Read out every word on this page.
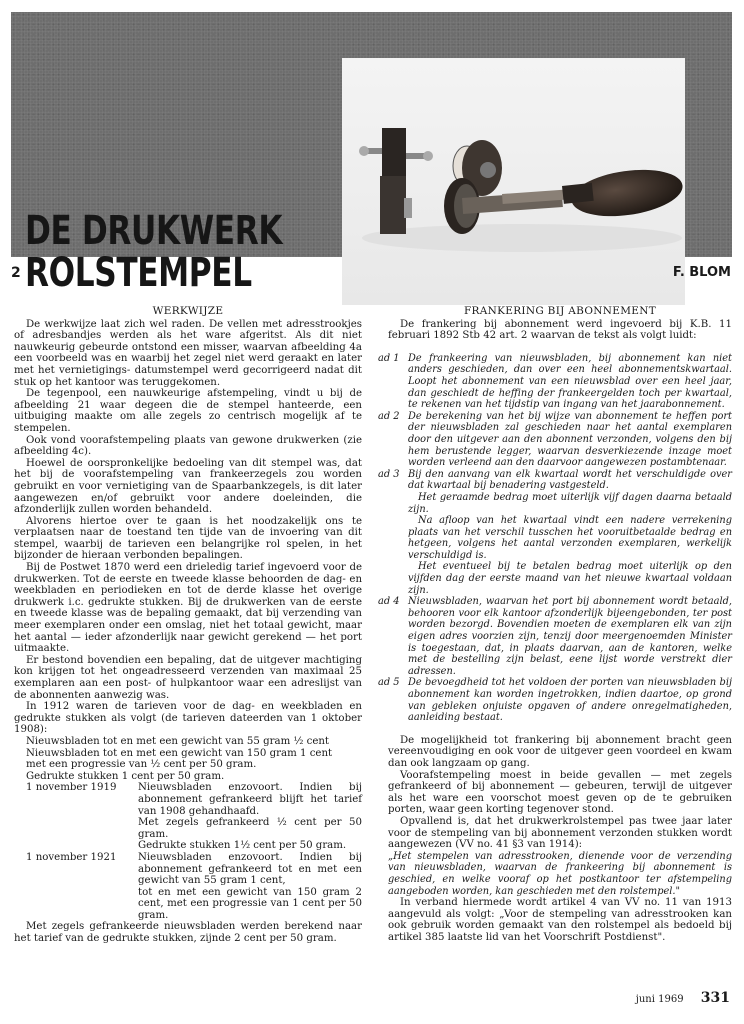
DE DRUKWERK
ROLSTEMPEL
2	F. BLOM
WERKWIJZE

De werkwijze laat zich wel raden. De vellen met adresstrookjes of adresbandjes werden als het ware afgeritst. Als dit niet nauwkeurig gebeurde ontstond een misser, waarvan afbeelding 4a een voorbeeld was en waarbij het zegel niet werd geraakt en later met het vernietigings- datumstempel werd gecorrigeerd nadat dit stuk op het kantoor was teruggekomen.

De tegenpool, een nauwkeurige afstempeling, vindt u bij de afbeelding 21 waar degeen die de stempel hanteerde, een uitbuiging maakte om alle zegels zo centrisch mogelijk af te stempelen.

Ook vond voorafstempeling plaats van gewone drukwerken (zie afbeelding 4c).

Hoewel de oorspronkelijke bedoeling van dit stempel was, dat het bij de voorafstempeling van frankeerzegels zou worden gebruikt en voor vernietiging van de Spaarbankzegels, is dit later aangewezen en/of gebruikt voor andere doeleinden, die afzonderlijk zullen worden behandeld.

Alvorens hiertoe over te gaan is het noodzakelijk ons te verplaatsen naar de toestand ten tijde van de invoering van dit stempel, waarbij de tarieven een belangrijke rol spelen, in het bijzonder de hieraan verbonden bepalingen.

Bij de Postwet 1870 werd een drieledig tarief ingevoerd voor de drukwerken. Tot de eerste en tweede klasse behoorden de dag- en weekbladen en periodieken en tot de derde klasse het overige drukwerk i.c. gedrukte stukken. Bij de drukwerken van de eerste en tweede klasse was de bepaling gemaakt, dat bij verzending van meer exemplaren onder een omslag, niet het totaal gewicht, maar het aantal — ieder afzonderlijk naar gewicht gerekend — het port uitmaakte.

Er bestond bovendien een bepaling, dat de uitgever machtiging kon krijgen tot het ongeadresseerd verzenden van maximaal 25 exemplaren aan een post- of hulpkantoor waar een adreslijst van de abonnenten aanwezig was.

In 1912 waren de tarieven voor de dag- en weekbladen en gedrukte stukken als volgt (de tarieven dateerden van 1 oktober 1908):

Nieuwsbladen tot en met een gewicht van 55 gram ½ cent

Nieuwsbladen tot en met een gewicht van 150 gram 1 cent

met een progressie van ½ cent per 50 gram.

Gedrukte stukken 1 cent per 50 gram.

1 november 1919	Nieuwsbladen enzovoort. Indien bij abonnement gefrankeerd blijft het tarief van 1908 gehandhaafd.

Met zegels gefrankeerd ½ cent per 50 gram.

Gedrukte stukken 1½ cent per 50 gram.

1 november 1921	Nieuwsbladen enzovoort. Indien bij abonnement gefrankeerd tot en met een gewicht van 55 gram 1 cent,

tot en met een gewicht van 150 gram 2 cent, met een progressie van 1 cent per 50 gram.

Met zegels gefrankeerde nieuwsbladen werden berekend naar het tarief van de gedrukte stukken, zijnde 2 cent per 50 gram.

FRANKERING BIJ ABONNEMENT

De frankering bij abonnement werd ingevoerd bij K.B. 11 februari 1892 Stb 42 art. 2 waarvan de tekst als volgt luidt:

ad 1 De frankeering van nieuwsbladen, bij abonnement kan niet anders geschieden, dan over een heel abonnementskwartaal. Loopt het abonnement van een nieuwsblad over een heel jaar, dan geschiedt de heffing der frankeergelden toch per kwartaal, te rekenen van het tijdstip van ingang van het jaarabonnement.

ad 2 De berekening van het bij wijze van abonnement te heffen port der nieuwsbladen zal geschieden naar het aantal exemplaren door den uitgever aan den abonnent verzonden, volgens den bij hem berustende legger, waarvan desverkiezende inzage moet worden verleend aan den daarvoor aangewezen postambtenaar.

ad 3 Bij den aanvang van elk kwartaal wordt het verschuldigde over dat kwartaal bij benadering vastgesteld.

Het geraamde bedrag moet uiterlijk vijf dagen daarna betaald zijn.

Na afloop van het kwartaal vindt een nadere verrekening plaats van het verschil tusschen het vooruitbetaalde bedrag en hetgeen, volgens het aantal verzonden exemplaren, werkelijk verschuldigd is.

Het eventueel bij te betalen bedrag moet uiterlijk op den vijfden dag der eerste maand van het nieuwe kwartaal voldaan zijn.

ad 4 Nieuwsbladen, waarvan het port bij abonnement wordt betaald, behooren voor elk kantoor afzonderlijk bijeengebonden, ter post worden bezorgd. Bovendien moeten de exemplaren elk van zijn eigen adres voorzien zijn, tenzij door meergenoemden Minister is toegestaan, dat, in plaats daarvan, aan de kantoren, welke met de bestelling zijn belast, eene lijst worde verstrekt dier adressen.

ad 5 De bevoegdheid tot het voldoen der porten van nieuwsbladen bij abonnement kan worden ingetrokken, indien daartoe, op grond van gebleken onjuiste opgaven of andere onregelmatigheden, aanleiding bestaat.

De mogelijkheid tot frankering bij abonnement bracht geen vereenvoudiging en ook voor de uitgever geen voordeel en kwam dan ook langzaam op gang.

Voorafstempeling moest in beide gevallen — met zegels gefrankeerd of bij abonnement — gebeuren, terwijl de uitgever als het ware een voorschot moest geven op de te gebruiken porten, waar geen korting tegenover stond.

Opvallend is, dat het drukwerkrolstempel pas twee jaar later voor de stempeling van bij abonnement verzonden stukken wordt aangewezen (VV no. 41 §3 van 1914):

„Het stempelen van adresstrooken, dienende voor de verzending van nieuwsbladen, waarvan de frankeering bij abonnement is geschied, en welke vooraf op het postkantoor ter afstempeling aangeboden worden, kan geschieden met den rolstempel."

In verband hiermede wordt artikel 4 van VV no. 11 van 1913 aangevuld als volgt: „Voor de stempeling van adresstrooken kan ook gebruik worden gemaakt van den rolstempel als bedoeld bij artikel 385 laatste lid van het Voorschrift Postdienst".

juni 1969 331
